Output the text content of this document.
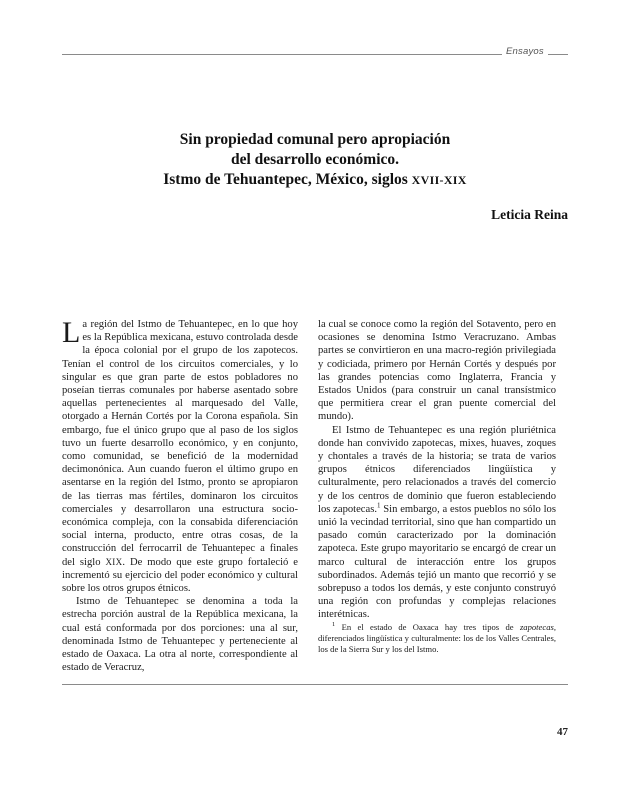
Ensayos
Sin propiedad comunal pero apropiación
del desarrollo económico.
Istmo de Tehuantepec, México, siglos XVII-XIX
Leticia Reina

La región del Istmo de Tehuantepec, en lo que hoy es la República mexicana, estuvo controlada desde la época colonial por el grupo de los zapotecos. Tenían el control de los circuitos comerciales, y lo singular es que gran parte de estos pobladores no poseían tierras comunales por haberse asentado sobre aquellas pertenecientes al marquesado del Valle, otorgado a Hernán Cortés por la Corona española. Sin embargo, fue el único grupo que al paso de los siglos tuvo un fuerte desarrollo económico, y en conjunto, como comunidad, se benefició de la modernidad decimonónica. Aun cuando fueron el último grupo en asentarse en la región del Istmo, pronto se apropiaron de las tierras mas fértiles, dominaron los circuitos comerciales y desarrollaron una estructura socio-económica compleja, con la consabida diferenciación social interna, producto, entre otras cosas, de la construcción del ferrocarril de Tehuantepec a finales del siglo XIX. De modo que este grupo fortaleció e incrementó su ejercicio del poder económico y cultural sobre los otros grupos étnicos.

Istmo de Tehuantepec se denomina a toda la estrecha porción austral de la República mexicana, la cual está conformada por dos porciones: una al sur, denominada Istmo de Tehuantepec y perteneciente al estado de Oaxaca. La otra al norte, correspondiente al estado de Veracruz,

la cual se conoce como la región del Sotavento, pero en ocasiones se denomina Istmo Veracruzano. Ambas partes se convirtieron en una macro-región privilegiada y codiciada, primero por Hernán Cortés y después por las grandes potencias como Inglaterra, Francia y Estados Unidos (para construir un canal transístmico que permitiera crear el gran puente comercial del mundo).

El Istmo de Tehuantepec es una región pluriétnica donde han convivido zapotecas, mixes, huaves, zoques y chontales a través de la historia; se trata de varios grupos étnicos diferenciados lingüística y culturalmente, pero relacionados a través del comercio y de los centros de dominio que fueron estableciendo los zapotecas.$^1$ Sin embargo, a estos pueblos no sólo los unió la vecindad territorial, sino que han compartido un pasado común caracterizado por la dominación zapoteca. Este grupo mayoritario se encargó de crear un marco cultural de interacción entre los grupos subordinados. Además tejió un manto que recorrió y se sobrepuso a todos los demás, y este conjunto construyó una región con profundas y complejas relaciones interétnicas.

$^1$ En el estado de Oaxaca hay tres tipos de zapotecas, diferenciados lingüística y culturalmente: los de los Valles Centrales, los de la Sierra Sur y los del Istmo.

47
